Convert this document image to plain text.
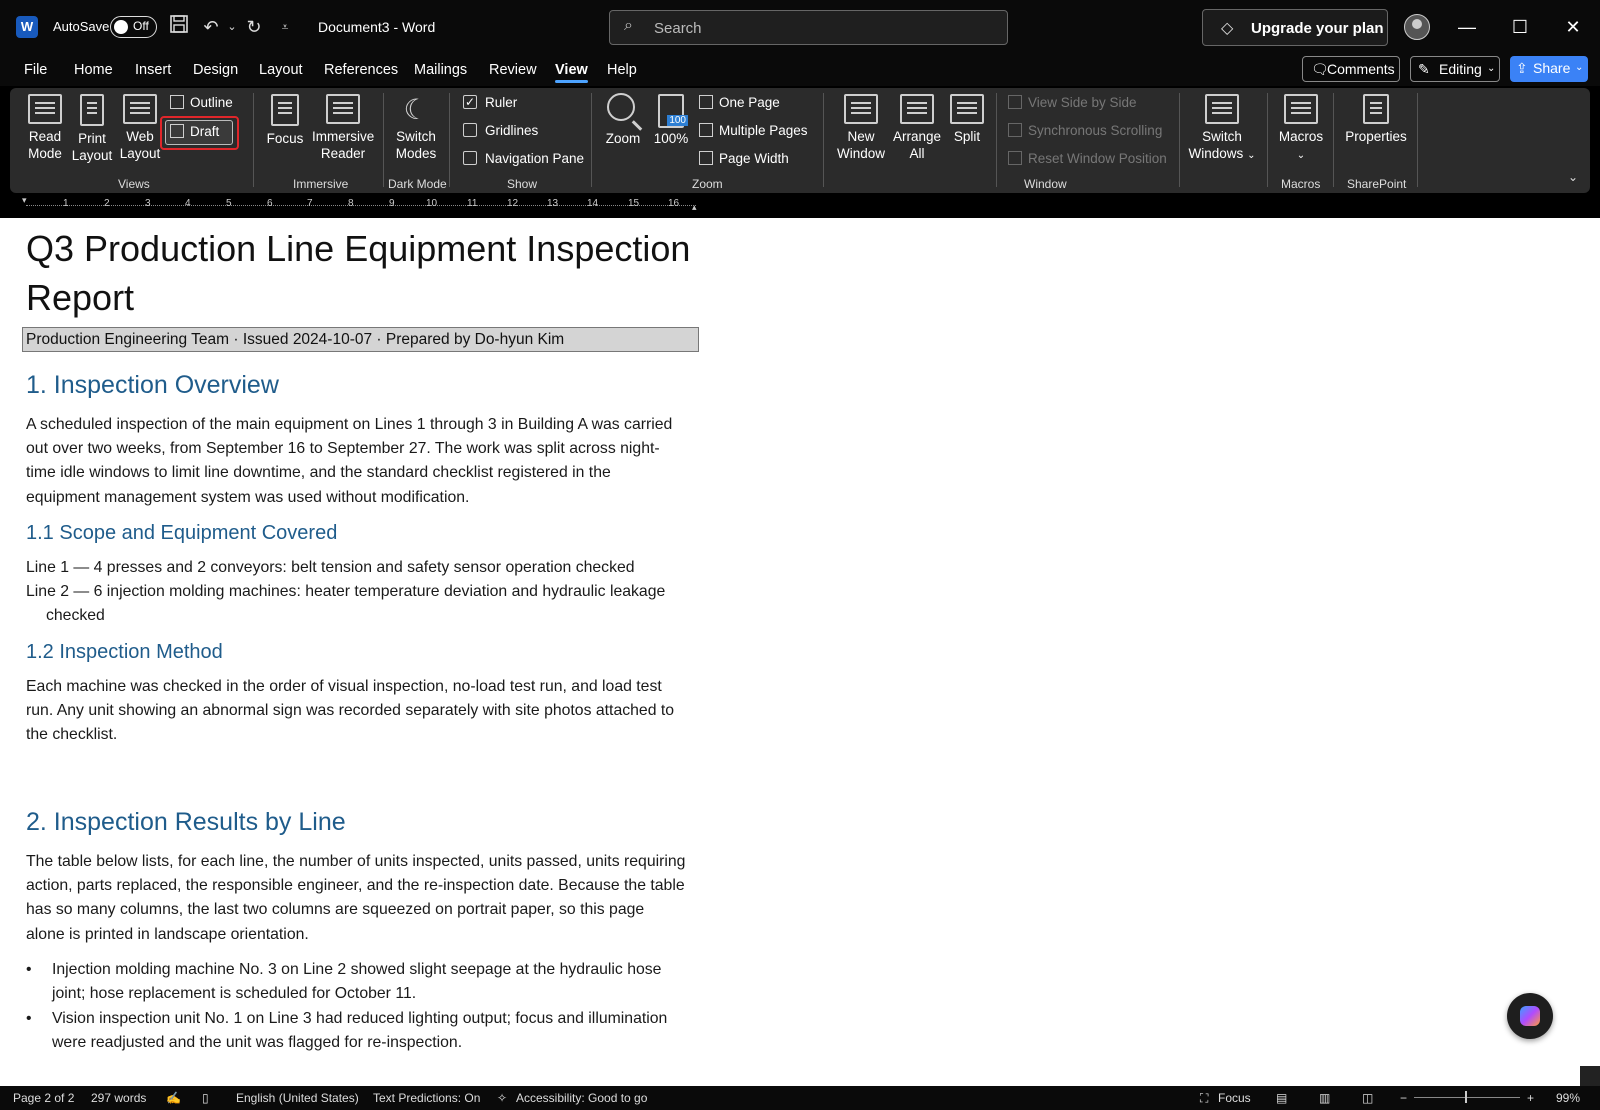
W	AutoSave Off	↶ ⌄ ↻	⩡	Document3 - Word	⌕ Search	◇ Upgrade your plan	—	☐	✕
File Home Insert Design Layout References Mailings Review View Help	🗨
Comments ✎ Editing ⌄ ⇪ Share ⌄
Read
Mode
Print
Layout
Web
Layout
Outline
Draft
Views
Focus Immersive
Reader
Immersive
☾
Switch
Modes
Dark Mode
✓Ruler
Gridlines
Navigation Pane
Show
Zoom
100
100%
One Page
Multiple Pages
Page Width
Zoom
New
Window
Arrange
All
Split
View Side by Side
Synchronous Scrolling
Reset Window Position
Switch
Windows ⌄
Window
Macros
⌄
Macros
Properties
SharePoint	⌄
1	2	3	4	5	6	7	8	9	10	11	12	13	14	15	16
▾
▴
Q3 Production Line Equipment Inspection Report
Production Engineering Team · Issued 2024-10-07 · Prepared by Do-hyun Kim
1. Inspection Overview
A scheduled inspection of the main equipment on Lines 1 through 3 in Building A was carried out over two weeks, from September 16 to September 27. The work was split across night-time idle windows to limit line downtime, and the standard checklist registered in the equipment management system was used without modification.
1.1 Scope and Equipment Covered
Line 1 — 4 presses and 2 conveyors: belt tension and safety sensor operation checked
Line 2 — 6 injection molding machines: heater temperature deviation and hydraulic leakage checked
1.2 Inspection Method
Each machine was checked in the order of visual inspection, no-load test run, and load test run. Any unit showing an abnormal sign was recorded separately with site photos attached to the checklist.
2. Inspection Results by Line
The table below lists, for each line, the number of units inspected, units passed, units requiring action, parts replaced, the responsible engineer, and the re-inspection date. Because the table has so many columns, the last two columns are squeezed on portrait paper, so this page alone is printed in landscape orientation.
• Injection molding machine No. 3 on Line 2 showed slight seepage at the hydraulic hose joint; hose replacement is scheduled for October 11.
• Vision inspection unit No. 1 on Line 3 had reduced lighting output; focus and illumination were readjusted and the unit was flagged for re-inspection.
Page 2 of 2 297 words ✍ ▯ English (United States) Text Predictions: On ✧ Accessibility: Good to go	⛶ Focus ▤	▥	◫ −	+ 99%
